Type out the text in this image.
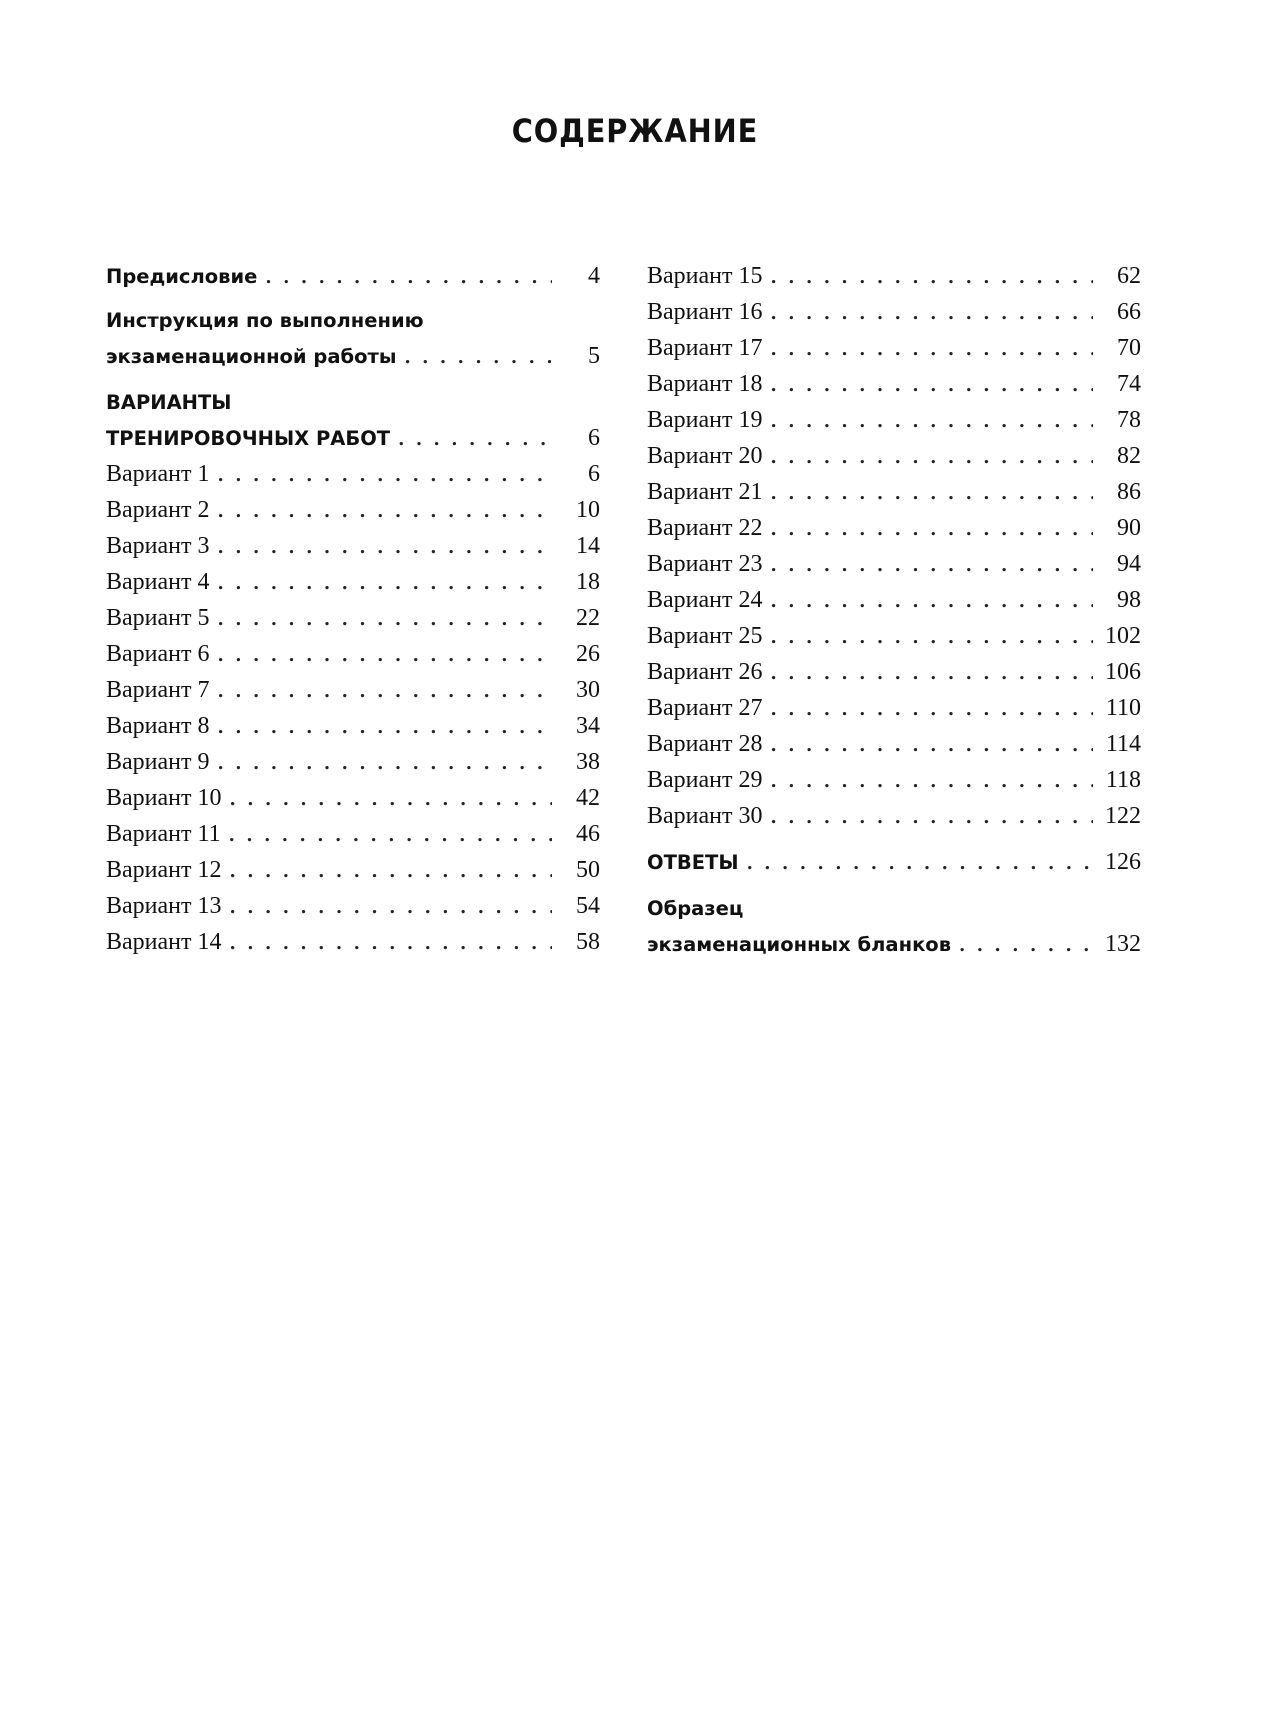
СОДЕРЖАНИЕ
Предисловие . . .	4
Инструкция по выполнению
экзаменационной работы . . .	5
ВАРИАНТЫ
ТРЕНИРОВОЧНЫХ РАБОТ . . .	6
Вариант 1 . . .	6
Вариант 2 . . .	10
Вариант 3 . . .	14
Вариант 4 . . .	18
Вариант 5 . . .	22
Вариант 6 . . .	26
Вариант 7 . . .	30
Вариант 8 . . .	34
Вариант 9 . . .	38
Вариант 10 . . .	42
Вариант 11 . . .	46
Вариант 12 . . .	50
Вариант 13 . . .	54
Вариант 14 . . .	58
Вариант 15 . . .	62
Вариант 16 . . .	66
Вариант 17 . . .	70
Вариант 18 . . .	74
Вариант 19 . . .	78
Вариант 20 . . .	82
Вариант 21 . . .	86
Вариант 22 . . .	90
Вариант 23 . . .	94
Вариант 24 . . .	98
Вариант 25 . . .	102
Вариант 26 . . .	106
Вариант 27 . . .	110
Вариант 28 . . .	114
Вариант 29 . . .	118
Вариант 30 . . .	122
ОТВЕТЫ . . .	126
Образец
экзаменационных бланков . . .	132
